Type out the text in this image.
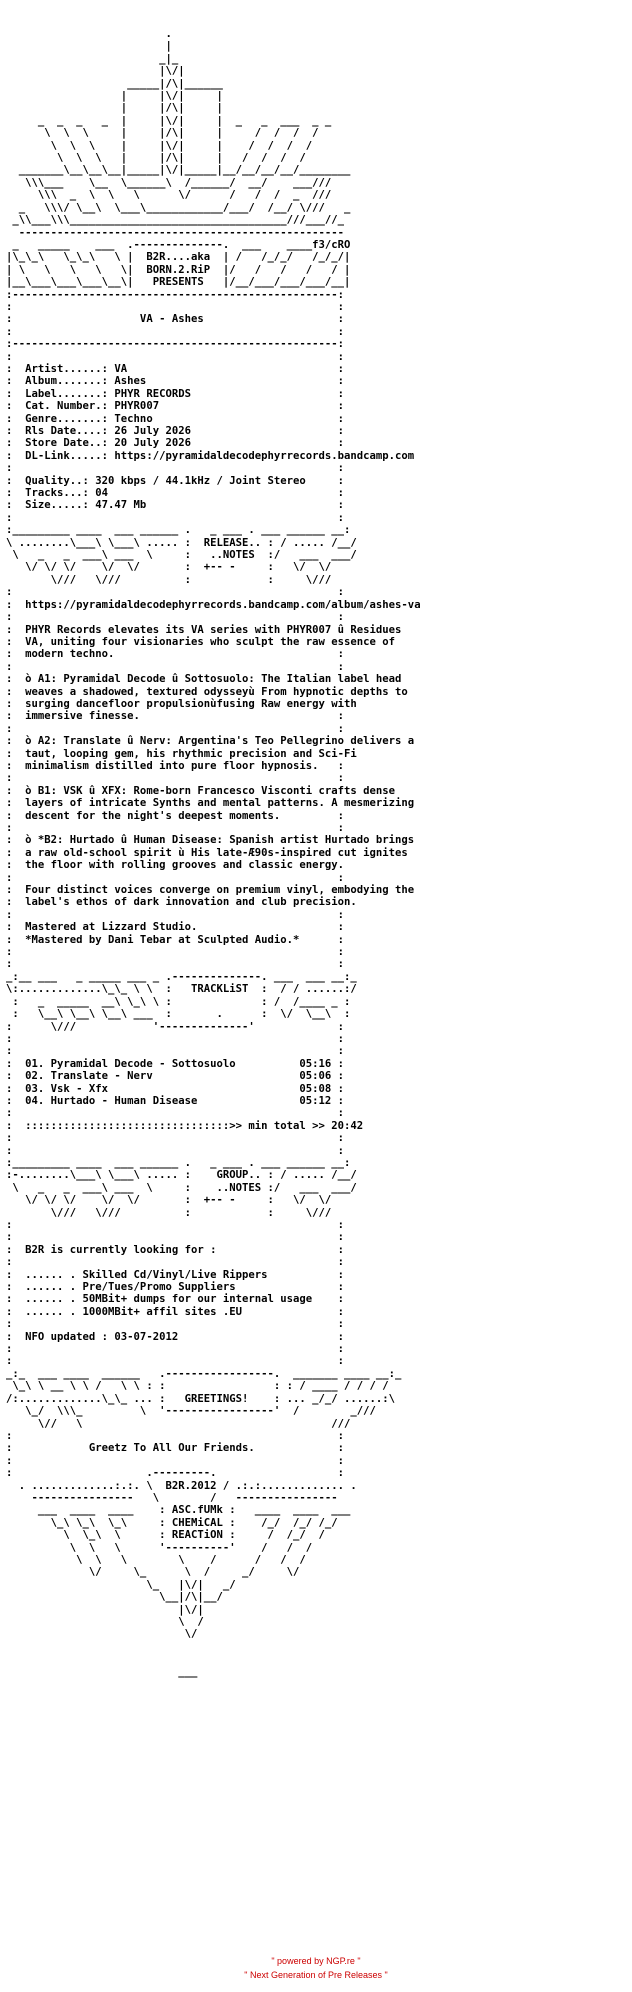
.
|
_|_
|\/|
_____|/\|______
|     |\/|     |
|     |/\|     |
_  _  _   _  |     |\/|     |  _   _  ___  _ _
\  \  \     |     |/\|     |     /  /  /  /
\  \  \    |     |\/|     |    /  /  /  /
\  \  \   |     |/\|     |   /  /  /  /
_______\__\__\__|_____|\/|_____|__/__/__/__/________
\\\___    \__  \______\  /______/  __/    ___///
\\\  _  \  \   \      \/      /   /  /  _  ///
_   \\\/ \__\  \___\____________/___/  /__/ \///   _
_\\___\\\__________________________________///___//_
---------------------------------------------------
_   _____    ___  .--------------.  ___    ____f3/cRO
|\_\_\   \_\_\   \ |  B2R....aka  | /   /_/_/   /_/_/|
| \   \   \   \   \|  BORN.2.RiP  |/   /   /   /   / |
|__\___\___\___\__\|   PRESENTS   |/__/___/___/___/__|
:---------------------------------------------------:
:                                                   :
:                    VA - Ashes                     :
:                                                   :
:---------------------------------------------------:
:                                                   :
:  Artist......: VA                                 :
:  Album.......: Ashes                              :
:  Label.......: PHYR RECORDS                       :
:  Cat. Number.: PHYR007                            :
:  Genre.......: Techno                             :
:  Rls Date....: 26 July 2026                       :
:  Store Date..: 20 July 2026                       :
:  DL-Link.....: https://pyramidaldecodephyrrecords.bandcamp.com
:                                                   :
:  Quality..: 320 kbps / 44.1kHz / Joint Stereo     :
:  Tracks...: 04                                    :
:  Size.....: 47.47 Mb                              :
:                                                   :
:_________ ____  ___ ______ .   _ ___ . ___ ______ __:
\ ........\___\ \___\ ..... :  RELEASE.. : / ..... /__/
\   _   _  ___\ ___  \     :   ..NOTES  :/   ___  ___/
\/ \/ \/    \/  \/       :  +-- -     :   \/  \/
\///   \///          :            :     \///
:                                                   :
:  https://pyramidaldecodephyrrecords.bandcamp.com/album/ashes-va
:                                                   :
:  PHYR Records elevates its VA series with PHYR007 û Residues
:  VA, uniting four visionaries who sculpt the raw essence of
:  modern techno.                                   :
:                                                   :
:  ò A1: Pyramidal Decode û Sottosuolo: The Italian label head
:  weaves a shadowed, textured odysseyù From hypnotic depths to
:  surging dancefloor propulsionùfusing Raw energy with
:  immersive finesse.                               :
:                                                   :
:  ò A2: Translate û Nerv: Argentina's Teo Pellegrino delivers a
:  taut, looping gem, his rhythmic precision and Sci-Fi
:  minimalism distilled into pure floor hypnosis.   :
:                                                   :
:  ò B1: VSK û XFX: Rome-born Francesco Visconti crafts dense
:  layers of intricate Synths and mental patterns. A mesmerizing
:  descent for the night's deepest moments.         :
:                                                   :
:  ò *B2: Hurtado û Human Disease: Spanish artist Hurtado brings
:  a raw old-school spirit ù His late-Æ90s-inspired cut ignites
:  the floor with rolling grooves and classic energy.
:                                                   :
:  Four distinct voices converge on premium vinyl, embodying the
:  label's ethos of dark innovation and club precision.
:                                                   :
:  Mastered at Lizzard Studio.                      :
:  *Mastered by Dani Tebar at Sculpted Audio.*      :
:                                                   :
:                                                   :
_:__ ___   _ _____ ___ _ .--------------. ___  ___ __:_
\:.............\_\_ \ \  :   TRACKLiST  :  / / ......:/
:   _  _____  __\ \_\ \ :              : /  /____ _ :
:   \__\ \__\ \__\ ___  :       .      :  \/  \__\  :
:      \///            '--------------'             :
:                                                   :
:                                                   :
:  01. Pyramidal Decode - Sottosuolo          05:16 :
:  02. Translate - Nerv                       05:06 :
:  03. Vsk - Xfx                              05:08 :
:  04. Hurtado - Human Disease                05:12 :
:                                                   :
:  ::::::::::::::::::::::::::::::::>> min total >> 20:42
:                                                   :
:                                                   :
:_________ ____  ___ ______ .   _ ___ . ___ ______ __:
:-........\___\ \___\ ..... :    GROUP.. : / ..... /__/
\   _   _  ___\ ___  \     :    ..NOTES :/   ___  ___/
\/ \/ \/    \/  \/       :  +-- -     :   \/  \/
\///   \///          :            :     \///
:                                                   :
:                                                   :
:  B2R is currently looking for :                   :
:                                                   :
:  ...... . Skilled Cd/Vinyl/Live Rippers           :
:  ...... . Pre/Tues/Promo Suppliers                :
:  ...... . 50MBit+ dumps for our internal usage    :
:  ...... . 1000MBit+ affil sites .EU               :
:                                                   :
:  NFO updated : 03-07-2012                         :
:                                                   :
:                                                   :
_:_  ___ ____  ______   .-----------------.  _______ ____ __:_
\_\ \ __ \ \ /   \ \ : :                 : : / ____ / / / /
/:.............\_\_ ... :   GREETINGS!    : ... _/_/ ......:\
\_/  \\\_         \  '-----------------'  /        _///
\//   \                                       ///
:                                                   :
:            Greetz To All Our Friends.             :
:                                                   :
:                     .---------.                   :
. .............:.:. \  B2R.2012 / .:.:............. .
----------------   \        /   ----------------
___  ____  ____    : ASC.fUMk :   ____  ____  ___
\_\ \_\  \_\     : CHEMiCAL :    /_/  /_/ /_/
\  \_\  \      : REACTiON :     /  /_/  /
\  \   \      '----------'    /   /  /
\  \   \        \    /      /   /  /
\/     \_      \  /     _/     \/
\_   |\/|   _/
\__|/\|__/
|\/|
\  /
\/

___
" powered by NGP.re "
" Next Generation of Pre Releases "
